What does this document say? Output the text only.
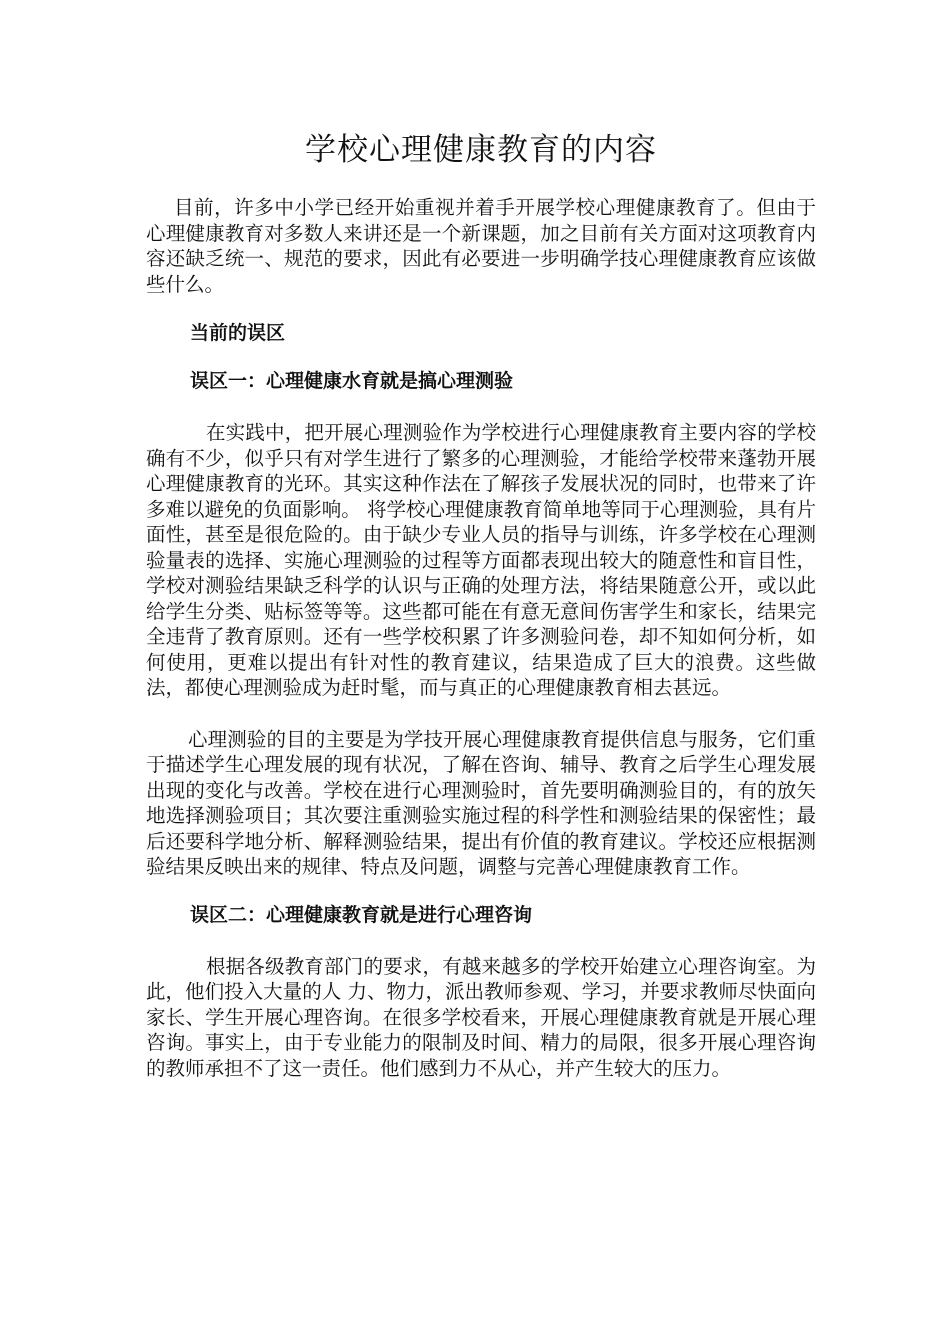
学校心理健康教育的内容

目前，许多中小学已经开始重视并着手开展学校心理健康教育了。但由于心理健康教育对多数人来讲还是一个新课题，加之目前有关方面对这项教育内容还缺乏统一、规范的要求，因此有必要进一步明确学技心理健康教育应该做些什么。

当前的误区
误区一：心理健康水育就是搞心理测验

在实践中，把开展心理测验作为学校进行心理健康教育主要内容的学校确有不少，似乎只有对学生进行了繁多的心理测验，才能给学校带来蓬勃开展心理健康教育的光环。其实这种作法在了解孩子发展状况的同时，也带来了许多难以避免的负面影响。 将学校心理健康教育简单地等同于心理测验，具有片面性，甚至是很危险的。由于缺少专业人员的指导与训练，许多学校在心理测验量表的选择、实施心理测验的过程等方面都表现出较大的随意性和盲目性，学校对测验结果缺乏科学的认识与正确的处理方法，将结果随意公开，或以此给学生分类、贴标签等等。这些都可能在有意无意间伤害学生和家长，结果完全违背了教育原则。还有一些学校积累了许多测验问卷，却不知如何分析，如何使用，更难以提出有针对性的教育建议，结果造成了巨大的浪费。这些做法，都使心理测验成为赶时髦，而与真正的心理健康教育相去甚远。

心理测验的目的主要是为学技开展心理健康教育提供信息与服务，它们重于描述学生心理发展的现有状况，了解在咨询、辅导、教育之后学生心理发展出现的变化与改善。学校在进行心理测验时，首先要明确测验目的，有的放矢地选择测验项目；其次要注重测验实施过程的科学性和测验结果的保密性；最后还要科学地分析、解释测验结果，提出有价值的教育建议。学校还应根据测验结果反映出来的规律、特点及问题，调整与完善心理健康教育工作。

误区二：心理健康教育就是进行心理咨询

根据各级教育部门的要求，有越来越多的学校开始建立心理咨询室。为此，他们投入大量的人 力、物力，派出教师参观、学习，并要求教师尽快面向家长、学生开展心理咨询。在很多学校看来，开展心理健康教育就是开展心理咨询。事实上，由于专业能力的限制及时间、精力的局限，很多开展心理咨询的教师承担不了这一责任。他们感到力不从心，并产生较大的压力。
